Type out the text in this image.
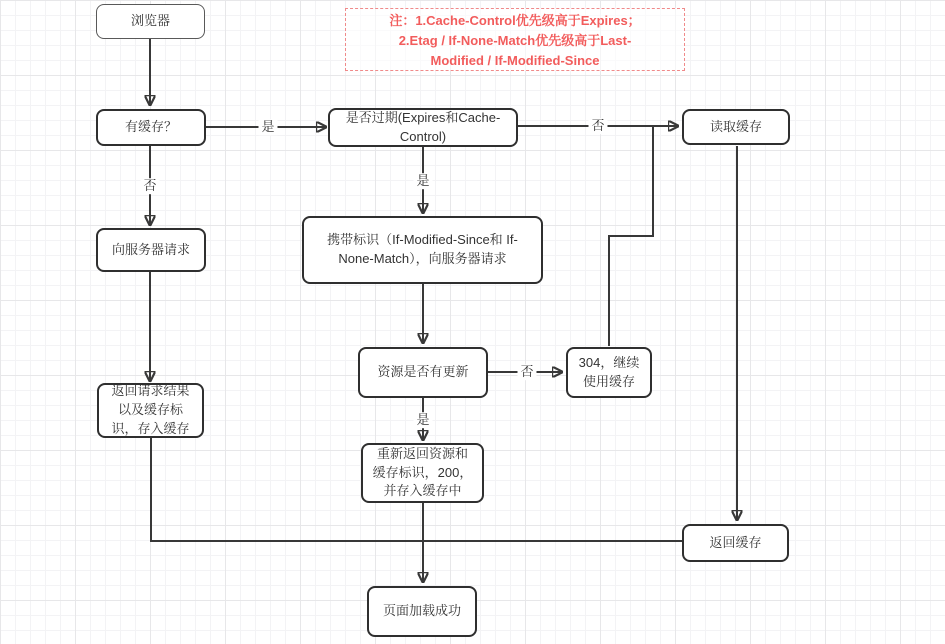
浏览器	注：1.Cache-Control优先级高于Expires；
2.Etag / If-None-Match优先级高于Last-
Modified / If-Modified-Since
有缓存？
是否过期(Expires和Cache-Control)
读取缓存
向服务器请求
携带标识（If-Modified-Since和 If-None-Match），向服务器请求
资源是否有更新
304，继续使用缓存
返回请求结果以及缓存标识，存入缓存
重新返回资源和缓存标识，200，并存入缓存中
返回缓存
页面加载成功
是
否
否
是
否
是
